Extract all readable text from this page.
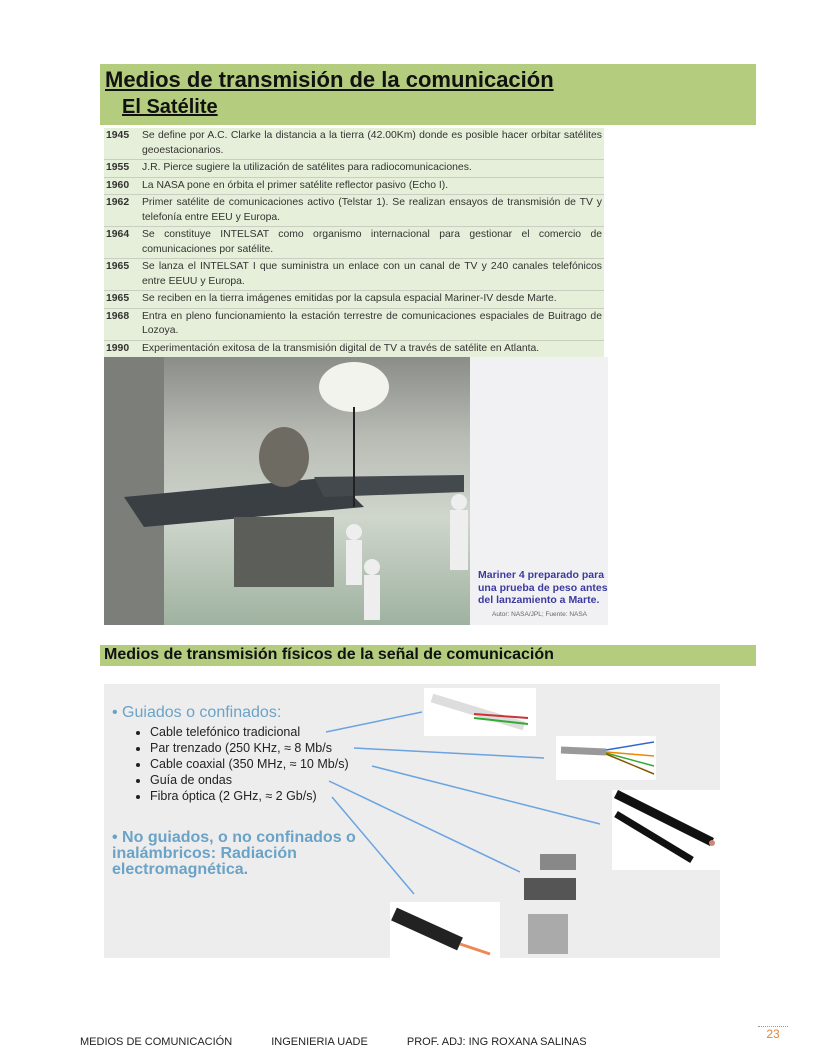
Medios de transmisión de la comunicación
El Satélite
1945	Se define por A.C. Clarke la distancia a la tierra (42.00Km) donde es posible hacer orbitar satélites geoestacionarios.
1955	J.R. Pierce sugiere la utilización de satélites para radiocomunicaciones.
1960	La NASA pone en órbita el primer satélite reflector pasivo (Echo I).
1962	Primer satélite de comunicaciones activo (Telstar 1). Se realizan ensayos de transmisión de TV y telefonía entre EEU y Europa.
1964	Se constituye INTELSAT como organismo internacional para gestionar el comercio de comunicaciones por satélite.
1965	Se lanza el INTELSAT I que suministra un enlace con un canal de TV y 240 canales telefónicos entre EEUU y Europa.
1965	Se reciben en la tierra imágenes emitidas por la capsula espacial Mariner-IV desde Marte.
1968	Entra en pleno funcionamiento la estación terrestre de comunicaciones espaciales de Buitrago de Lozoya.
1990	Experimentación exitosa de la transmisión digital de TV a través de satélite en Atlanta.
Mariner 4 preparado para una prueba de peso antes del lanzamiento a Marte.
Autor: NASA/JPL; Fuente: NASA
Medios de transmisión físicos de la señal de comunicación
• Guiados o confinados:
• Cable telefónico tradicional
• Par trenzado (250 KHz, ≈ 8 Mb/s
• Cable coaxial (350 MHz, ≈ 10 Mb/s)
• Guía de ondas
• Fibra óptica (2 GHz, ≈ 2 Gb/s)
• No guiados, o no confinados o inalámbricos: Radiación electromagnética.
MEDIOS DE COMUNICACIÓN	INGENIERIA UADE	PROF. ADJ: ING ROXANA SALINAS
23
